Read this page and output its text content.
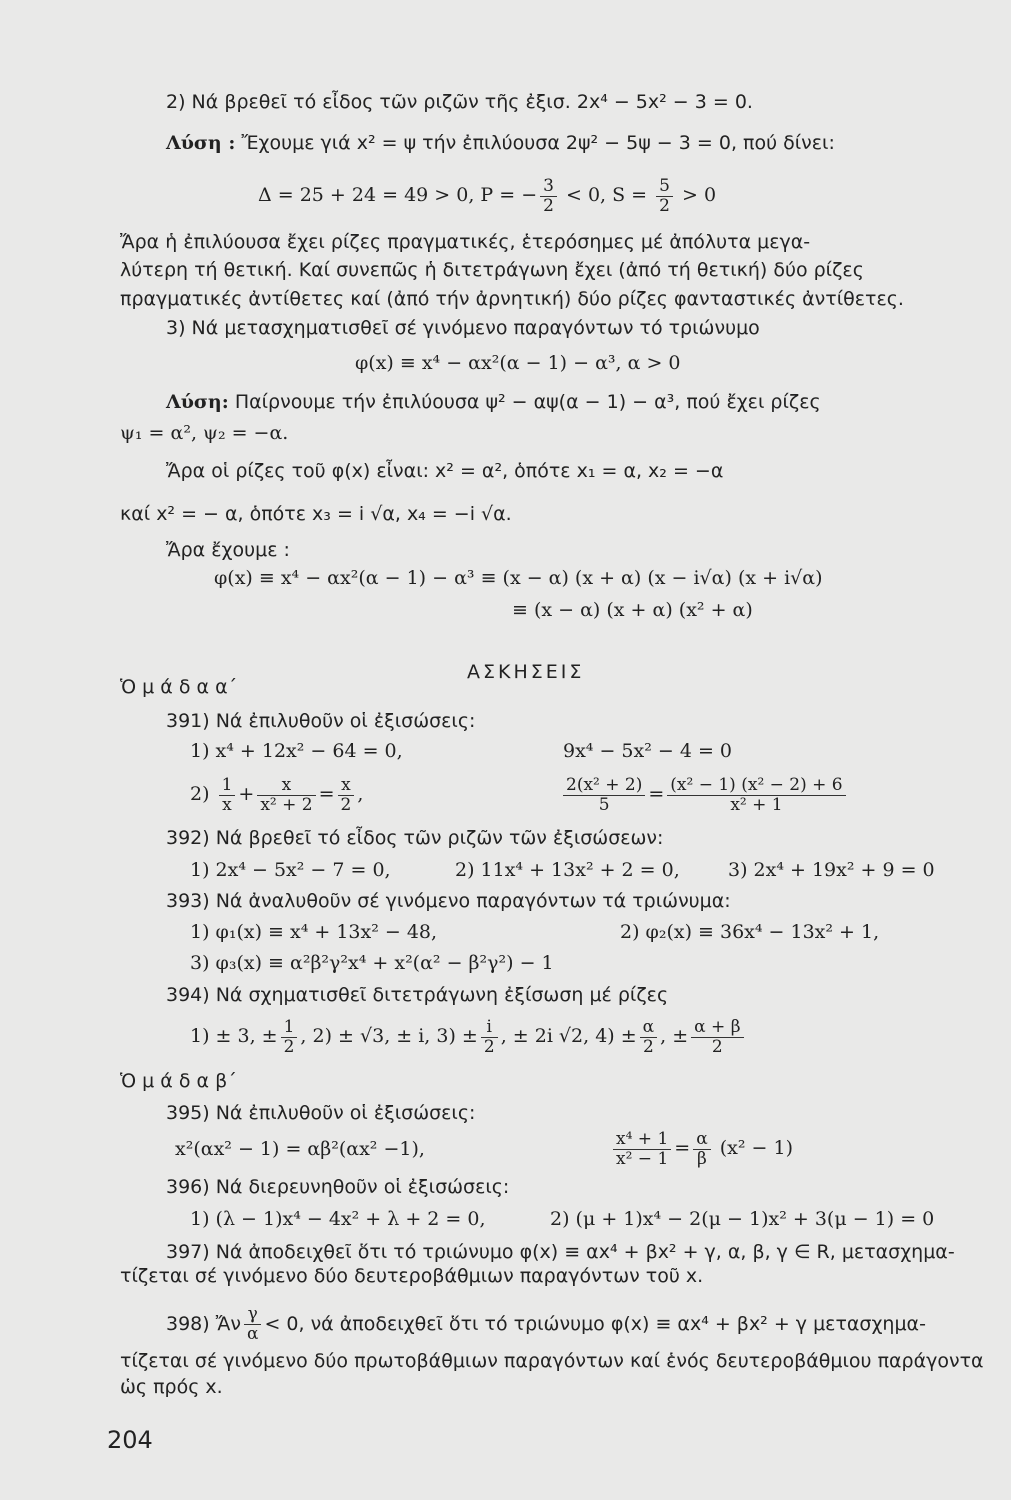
2) Νά βρεθεῖ τό εἶδος τῶν ριζῶν τῆς ἐξισ. 2x⁴ − 5x² − 3 = 0.
Λύση : Ἔχουμε γιά x² = ψ τήν ἐπιλύουσα 2ψ² − 5ψ − 3 = 0, πού δίνει:
Δ = 25 + 24 = 49 > 0, P = − $\frac{3}{2} < 0$, $S = \frac{5}{2} > 0$
Ἄρα ἡ ἐπιλύουσα ἔχει ρίζες πραγματικές, ἑτερόσημες μέ ἀπόλυτα μεγα-
λύτερη τή θετική. Καί συνεπῶς ἡ διτετράγωνη ἔχει (ἀπό τή θετική) δύο ρίζες
πραγματικές ἀντίθετες καί (ἀπό τήν ἀρνητική) δύο ρίζες φανταστικές ἀντίθετες.
3) Νά μετασχηματισθεῖ σέ γινόμενο παραγόντων τό τριώνυμο
φ(x) ≡ x⁴ − αx²(α − 1) − α³, α > 0
Λύση: Παίρνουμε τήν ἐπιλύουσα ψ² − αψ(α − 1) − α³, πού ἔχει ρίζες
ψ₁ = α², ψ₂ = −α.
Ἄρα οἱ ρίζες τοῦ φ(x) εἶναι: x² = α², ὁπότε x₁ = α, x₂ = −α
καί x² = − α, ὁπότε x₃ = i √α, x₄ = −i √α.
Ἄρα ἔχουμε :
φ(x) ≡ x⁴ − αx²(α − 1) − α³ ≡ (x − α) (x + α) (x − i√α) (x + i√α)
≡ (x − α) (x + α) (x² + α)
ΑΣΚΗΣΕΙΣ
Ὁ μ ά δ α α΄
391) Νά ἐπιλυθοῦν οἱ ἐξισώσεις:
1) x⁴ + 12x² − 64 = 0,	9x⁴ − 5x² − 4 = 0
$2) \frac{1}{x} + \frac{x}{\text{x² + 2}} = \frac{x}{2}$ ,	$\frac{\text{2(x² + 2)}}{5} = \frac{\text{(x² − 1) (x² − 2) + 6}}{\text{x² + 1}}$
392) Νά βρεθεῖ τό εἶδος τῶν ριζῶν τῶν ἐξισώσεων:
1) 2x⁴ − 5x² − 7 = 0,	2) 11x⁴ + 13x² + 2 = 0,	3) 2x⁴ + 19x² + 9 = 0
393) Νά ἀναλυθοῦν σέ γινόμενο παραγόντων τά τριώνυμα:
1) φ₁(x) ≡ x⁴ + 13x² − 48,	2) φ₂(x) ≡ 36x⁴ − 13x² + 1,
3) φ₃(x) ≡ α²β²γ²x⁴ + x²(α² − β²γ²) − 1
394) Νά σχηματισθεῖ διτετράγωνη ἐξίσωση μέ ρίζες
1) ± 3, ± $\frac{1}{2}$ , 2) ± √3, ± i, $3) \pm \frac{i}{2}$ , ± 2i √2, $4) \pm \frac{\alpha}{2}$ , ± $\frac{\alpha + \beta}{2}$
Ὁ μ ά δ α β΄
395) Νά ἐπιλυθοῦν οἱ ἐξισώσεις:
x²(αx² − 1) = αβ²(αx² −1),	$\frac{\text{x⁴ + 1}}{\text{x² − 1}} = \frac{\alpha}{\beta} (x^2 - 1)$
396) Νά διερευνηθοῦν οἱ ἐξισώσεις:
1) (λ − 1)x⁴ − 4x² + λ + 2 = 0,	2) (μ + 1)x⁴ − 2(μ − 1)x² + 3(μ − 1) = 0
397) Νά ἀποδειχθεῖ ὅτι τό τριώνυμο φ(x) ≡ αx⁴ + βx² + γ, α, β, γ ∈ R, μετασχημα-
τίζεται σέ γινόμενο δύο δευτεροβάθμιων παραγόντων τοῦ x.
398) Ἄν $\frac{\gamma}{\alpha} < 0$, νά ἀποδειχθεῖ ὅτι τό τριώνυμο φ(x) ≡ αx⁴ + βx² + γ μετασχημα-
τίζεται σέ γινόμενο δύο πρωτοβάθμιων παραγόντων καί ἑνός δευτεροβάθμιου παράγοντα
ὡς πρός x.
204
